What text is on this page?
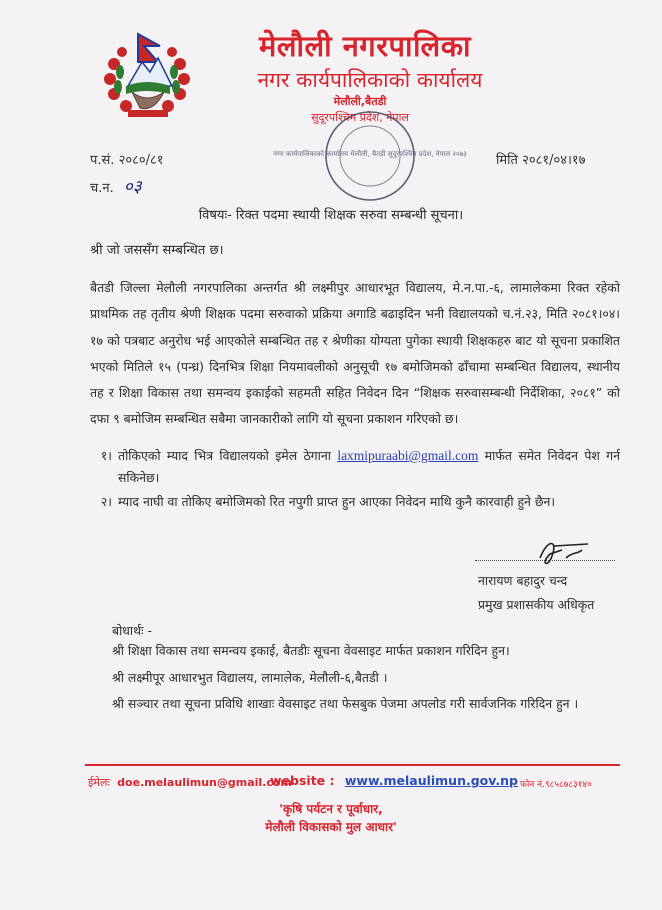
मेलौली नगरपालिका
नगर कार्यपालिकाको कार्यालय
मेलौली,बैतडी
सुदूरपश्चिम प्रदेश, नेपाल
नगर कार्यपालिकाको कार्यालय मेलौली, बैतडी सुदूरपश्चिम प्रदेश, नेपाल २०७३
प.सं. २०८०/८१
च.न. ०३
मिति २०८१/०४।१७
विषयः- रिक्त पदमा स्थायी शिक्षक सरुवा सम्बन्धी सूचना।
श्री जो जससँग सम्बन्धित छ।
बैतडी जिल्ला मेलौली नगरपालिका अन्तर्गत श्री लक्ष्मीपुर आधारभूत विद्यालय, मे.न.पा.-६, लामालेकमा रिक्त रहेको प्राथमिक तह तृतीय श्रेणी शिक्षक पदमा सरुवाको प्रक्रिया अगाडि बढाइदिन भनी विद्यालयको च.नं.२३, मिति २०८१।०४।१७ को पत्रबाट अनुरोध भई आएकोले सम्बन्धित तह र श्रेणीका योग्यता पुगेका स्थायी शिक्षकहरु बाट यो सूचना प्रकाशित भएको मितिले १५ (पन्ध्र) दिनभित्र शिक्षा नियमावलीको अनुसूची १७ बमोजिमको ढाँचामा सम्बन्धित विद्यालय, स्थानीय तह र शिक्षा विकास तथा समन्वय इकाईको सहमती सहित निवेदन दिन “शिक्षक सरुवासम्बन्धी निर्देशिका, २०८१” को दफा ९ बमोजिम सम्बन्धित सबैमा जानकारीको लागि यो सूचना प्रकाशन गरिएको छ।
१। तोकिएको म्याद भित्र विद्यालयको इमेल ठेगाना laxmipuraabi@gmail.com मार्फत समेत निवेदन पेश गर्न सकिनेछ।
२। म्याद नाघी वा तोकिए बमोजिमको रित नपुगी प्राप्त हुन आएका निवेदन माथि कुनै कारवाही हुने छैन।
नारायण बहादुर चन्द
प्रमुख प्रशासकीय अधिकृत
बोधार्थः -
श्री शिक्षा विकास तथा समन्वय इकाई, बैतडीः सूचना वेवसाइट मार्फत प्रकाशन गरिदिन हुन।
श्री लक्ष्मीपूर आधारभुत विद्यालय, लामालेक, मेलौली-६,बैतडी ।
श्री सञ्चार तथा सूचना प्रविधि शाखाः वेवसाइट तथा फेसबुक पेजमा अपलोड गरी सार्वजनिक गरिदिन हुन ।
ईमेलः doe.melaulimun@gmail.com
website : www.melaulimun.gov.np फोन नं.९८५८७८३१४०
'कृषि पर्यटन र पूर्वाधार,
मेलौली विकासको मुल आधार'
